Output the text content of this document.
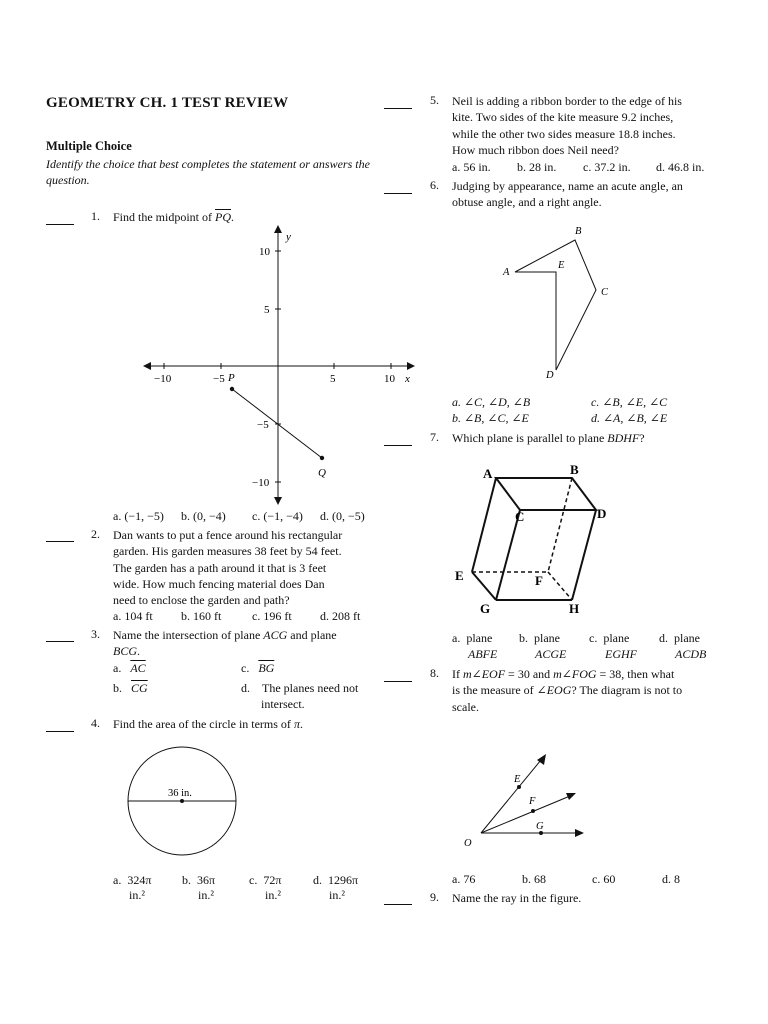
GEOMETRY CH. 1 TEST REVIEW
Multiple Choice
Identify the choice that best completes the statement or answers the question.
1. Find the midpoint of $\overline{PQ}$.
y
x
−10	−5	5	10
10
5
−5
−10
P
Q
a. (−1, −5) b. (0, −4) c. (−1, −4) d. (0, −5)
2. Dan wants to put a fence around his rectangular
garden. His garden measures 38 feet by 54 feet.
The garden has a path around it that is 3 feet
wide. How much fencing material does Dan
need to enclose the garden and path?
a. 104 ft b. 160 ft	c. 196 ft d. 208 ft
3. Name the intersection of plane ACG and plane
BCG.
a. $\overline{AC}$
b. $\overline{CG}$
c. $\overline{BG}$
d. The planes need not
intersect.
4. Find the area of the circle in terms of π.
36 in.
a. 324π
in.²
b. 36π
in.²
c. 72π
in.²
d. 1296π
in.²
5. Neil is adding a ribbon border to the edge of his
kite. Two sides of the kite measure 9.2 inches,
while the other two sides measure 18.8 inches.
How much ribbon does Neil need?
a. 56 in. b. 28 in. c. 37.2 in. d. 46.8 in.
6. Judging by appearance, name an acute angle, an
obtuse angle, and a right angle.
A
B
C
D
E
a. ∠C, ∠D, ∠B
b. ∠B, ∠C, ∠E
c. ∠B, ∠E, ∠C
d. ∠A, ∠B, ∠E
7. Which plane is parallel to plane BDHF?
A	B
C	D
E	F
G	H
a. plane
ABFE
b. plane
ACGE
c. plane
EGHF
d. plane
ACDB
8. If m∠EOF = 30 and m∠FOG = 38, then what
is the measure of ∠EOG? The diagram is not to
scale.
E
F
G
O
a. 76	b. 68	c. 60	d. 8
9. Name the ray in the figure.
